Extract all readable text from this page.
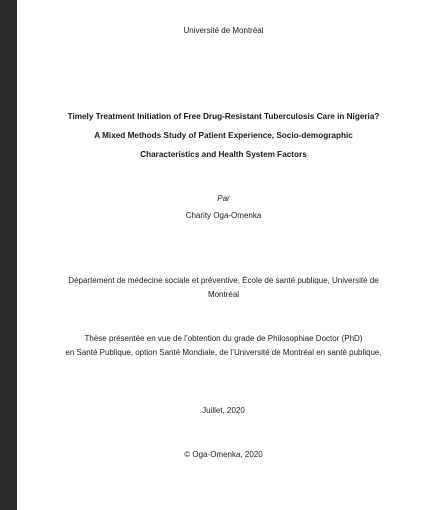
Université de Montréal
Timely Treatment Initiation of Free Drug-Resistant Tuberculosis Care in Nigeria?
A Mixed Methods Study of Patient Experience, Socio-demographic
Characteristics and Health System Factors
Par
Charity Oga-Omenka
Département de médecine sociale et préventive, École de santé publique, Université de
Montréal
Thèse présentée en vue de l’obtention du grade de Philosophiae Doctor (PhD)
en Santé Publique, option Santé Mondiale, de l’Université de Montréal en santé publique,
Juillet, 2020
© Oga-Omenka, 2020
